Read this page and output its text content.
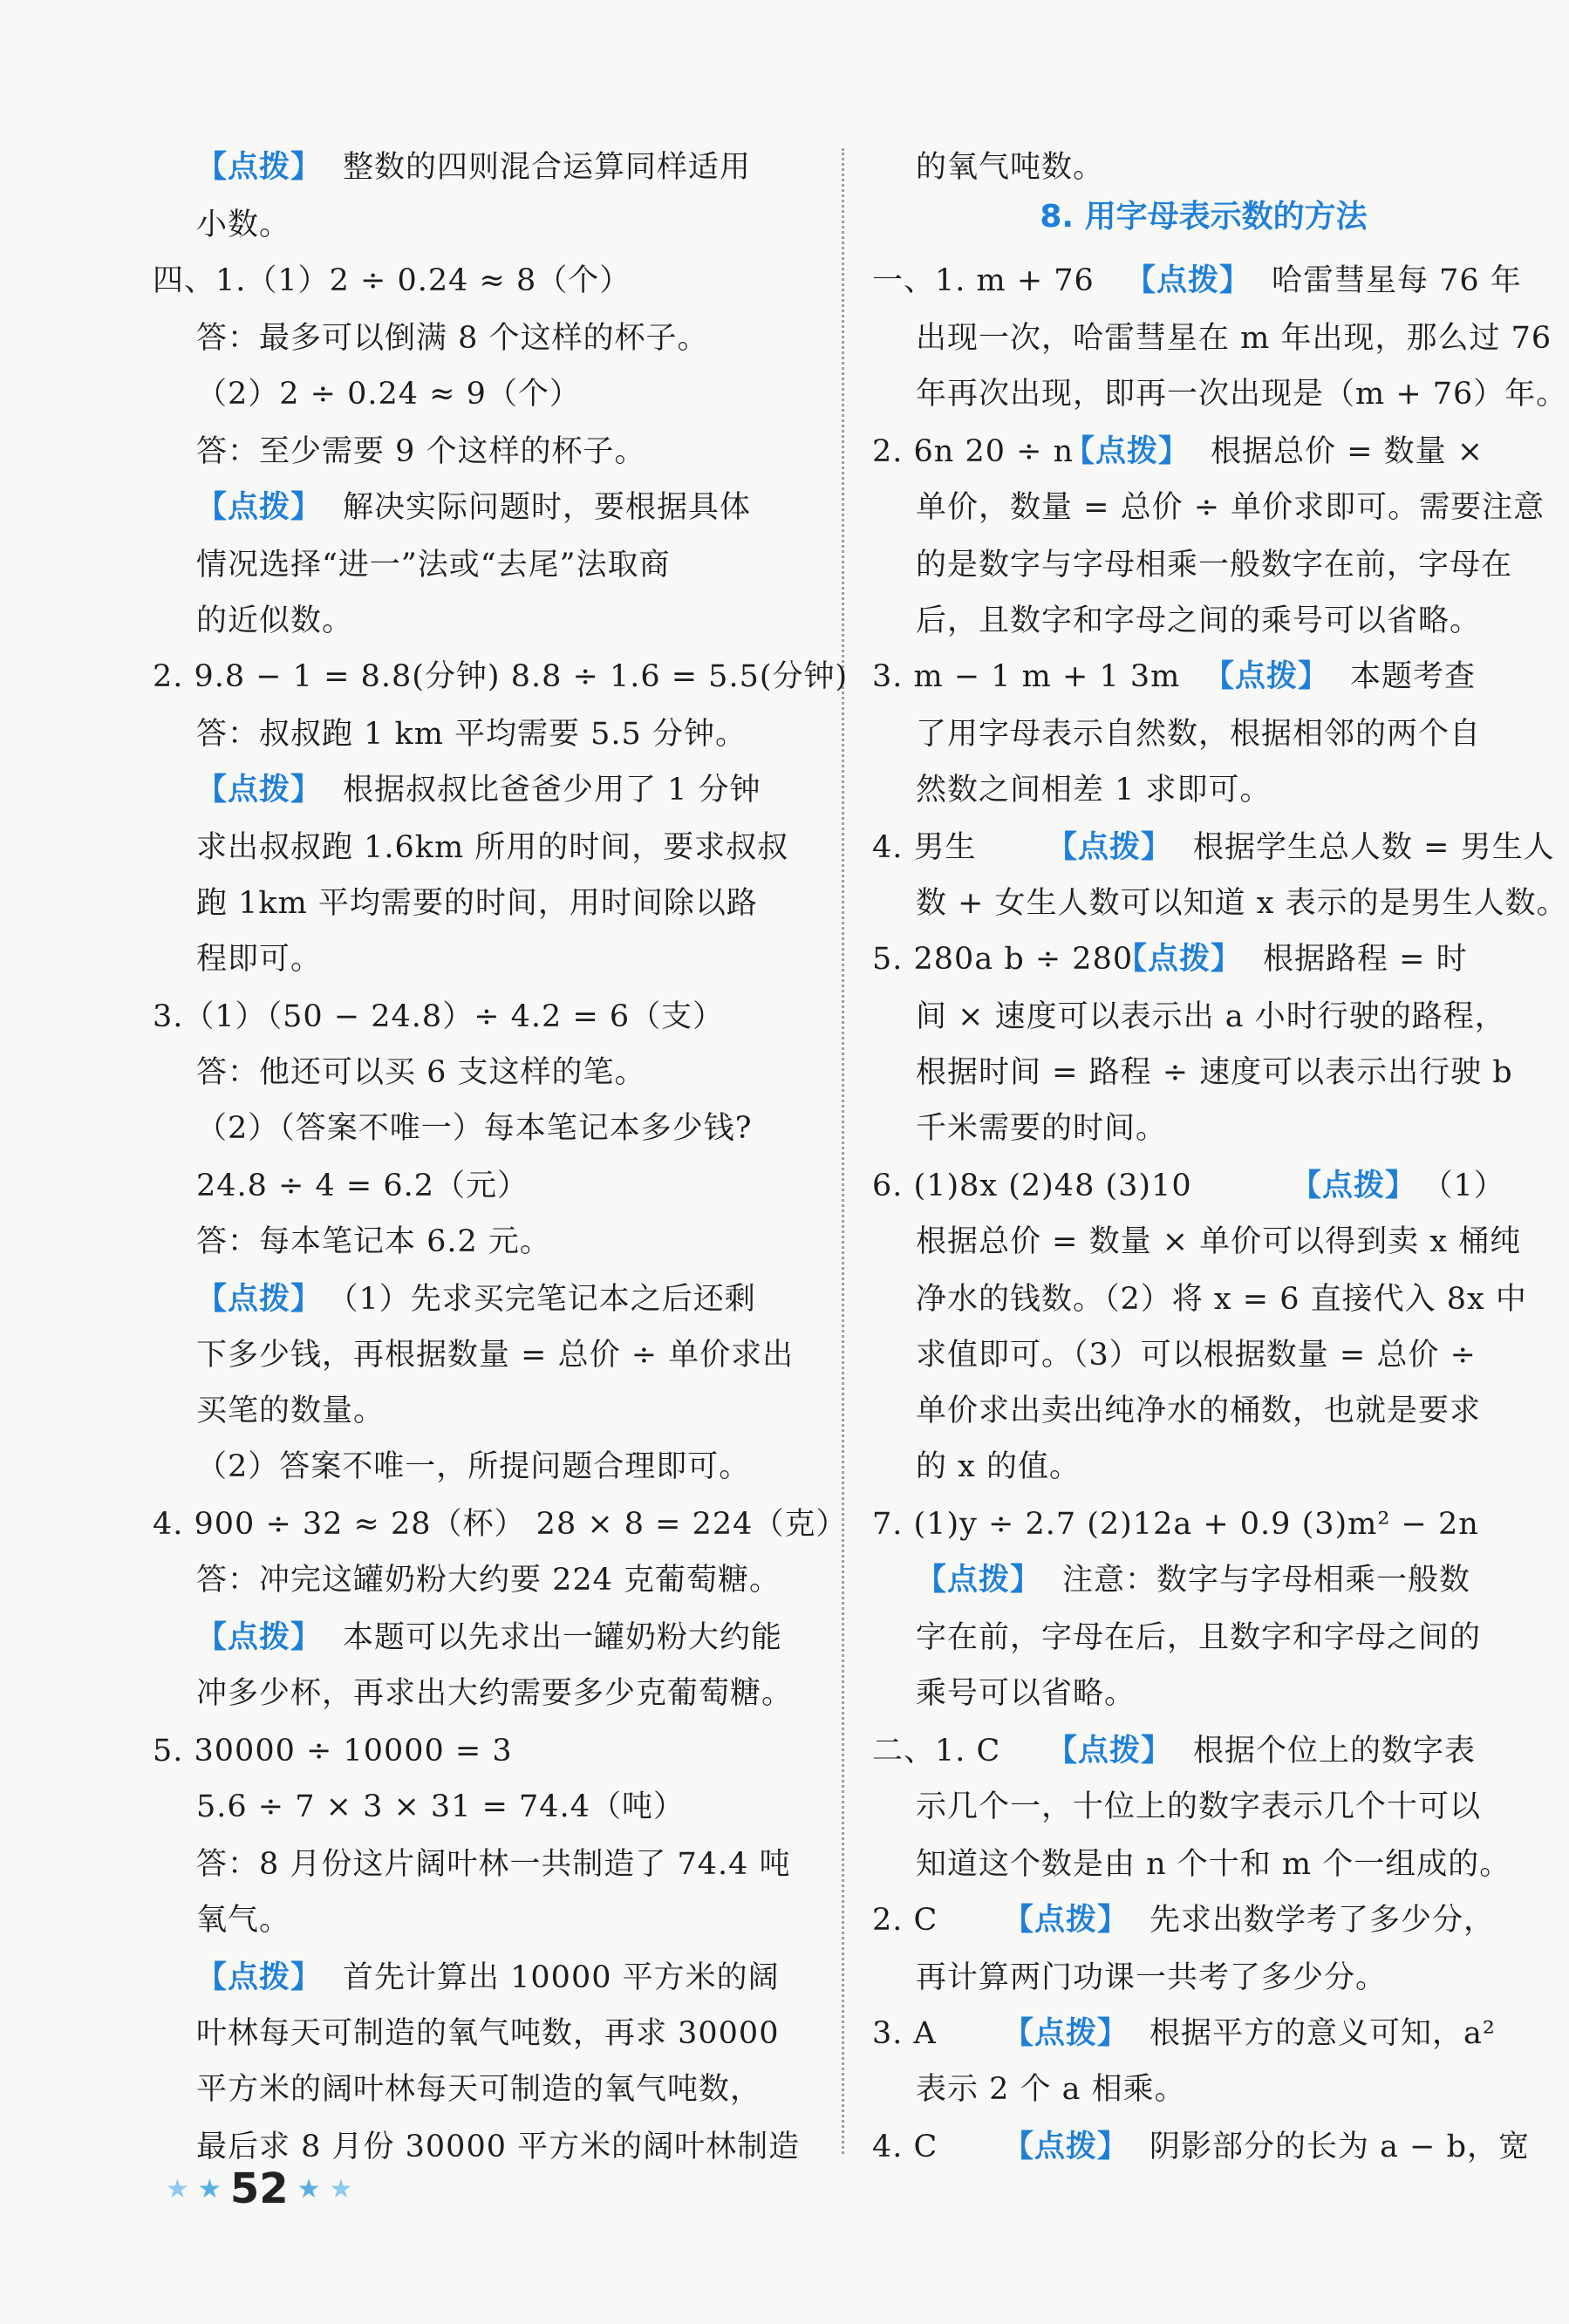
【点拨】 整数的四则混合运算同样适用
小数。
四、1.（1）2 ÷ 0.24 ≈ 8（个）
答：最多可以倒满 8 个这样的杯子。
（2）2 ÷ 0.24 ≈ 9（个）
答：至少需要 9 个这样的杯子。
【点拨】 解决实际问题时，要根据具体
情况选择“进一”法或“去尾”法取商
的近似数。
2. 9.8 − 1 = 8.8(分钟) 8.8 ÷ 1.6 = 5.5(分钟)
答：叔叔跑 1 km 平均需要 5.5 分钟。
【点拨】 根据叔叔比爸爸少用了 1 分钟
求出叔叔跑 1.6km 所用的时间，要求叔叔
跑 1km 平均需要的时间，用时间除以路
程即可。
3.（1）（50 − 24.8）÷ 4.2 = 6（支）
答：他还可以买 6 支这样的笔。
（2）（答案不唯一）每本笔记本多少钱?
24.8 ÷ 4 = 6.2（元）
答：每本笔记本 6.2 元。
【点拨】 （1）先求买完笔记本之后还剩
下多少钱，再根据数量 = 总价 ÷ 单价求出
买笔的数量。
（2）答案不唯一，所提问题合理即可。
4. 900 ÷ 32 ≈ 28（杯） 28 × 8 = 224（克）
答：冲完这罐奶粉大约要 224 克葡萄糖。
【点拨】 本题可以先求出一罐奶粉大约能
冲多少杯，再求出大约需要多少克葡萄糖。
5. 30000 ÷ 10000 = 3
5.6 ÷ 7 × 3 × 31 = 74.4（吨）
答：8 月份这片阔叶林一共制造了 74.4 吨
氧气。
【点拨】 首先计算出 10000 平方米的阔
叶林每天可制造的氧气吨数，再求 30000
平方米的阔叶林每天可制造的氧气吨数，
最后求 8 月份 30000 平方米的阔叶林制造
8. 用字母表示数的方法
的氧气吨数。
一、1. m + 76 【点拨】 哈雷彗星每 76 年
出现一次，哈雷彗星在 m 年出现，那么过 76
年再次出现，即再一次出现是（m + 76）年。
2. 6n 20 ÷ n
【点拨】 根据总价 = 数量 ×
单价，数量 = 总价 ÷ 单价求即可。需要注意
的是数字与字母相乘一般数字在前，字母在
后，且数字和字母之间的乘号可以省略。
3. m − 1 m + 1 3m 【点拨】 本题考查
了用字母表示自然数，根据相邻的两个自
然数之间相差 1 求即可。
4. 男生 【点拨】 根据学生总人数 = 男生人
数 + 女生人数可以知道 x 表示的是男生人数。
5. 280a b ÷ 280
【点拨】 根据路程 = 时
间 × 速度可以表示出 a 小时行驶的路程，
根据时间 = 路程 ÷ 速度可以表示出行驶 b
千米需要的时间。
6. (1)8x (2)48 (3)10	【点拨】 （1）
根据总价 = 数量 × 单价可以得到卖 x 桶纯
净水的钱数。（2）将 x = 6 直接代入 8x 中
求值即可。（3）可以根据数量 = 总价 ÷
单价求出卖出纯净水的桶数，也就是要求
的 x 的值。
7. (1)y ÷ 2.7 (2)12a + 0.9 (3)m² − 2n
【点拨】 注意：数字与字母相乘一般数
字在前，字母在后，且数字和字母之间的
乘号可以省略。
二、1. C 【点拨】 根据个位上的数字表
示几个一，十位上的数字表示几个十可以
知道这个数是由 n 个十和 m 个一组成的。
2. C 【点拨】 先求出数学考了多少分，
再计算两门功课一共考了多少分。
3. A 【点拨】 根据平方的意义可知，a²
表示 2 个 a 相乘。
4. C 【点拨】 阴影部分的长为 a − b，宽
★ ★ 52 ★ ★
